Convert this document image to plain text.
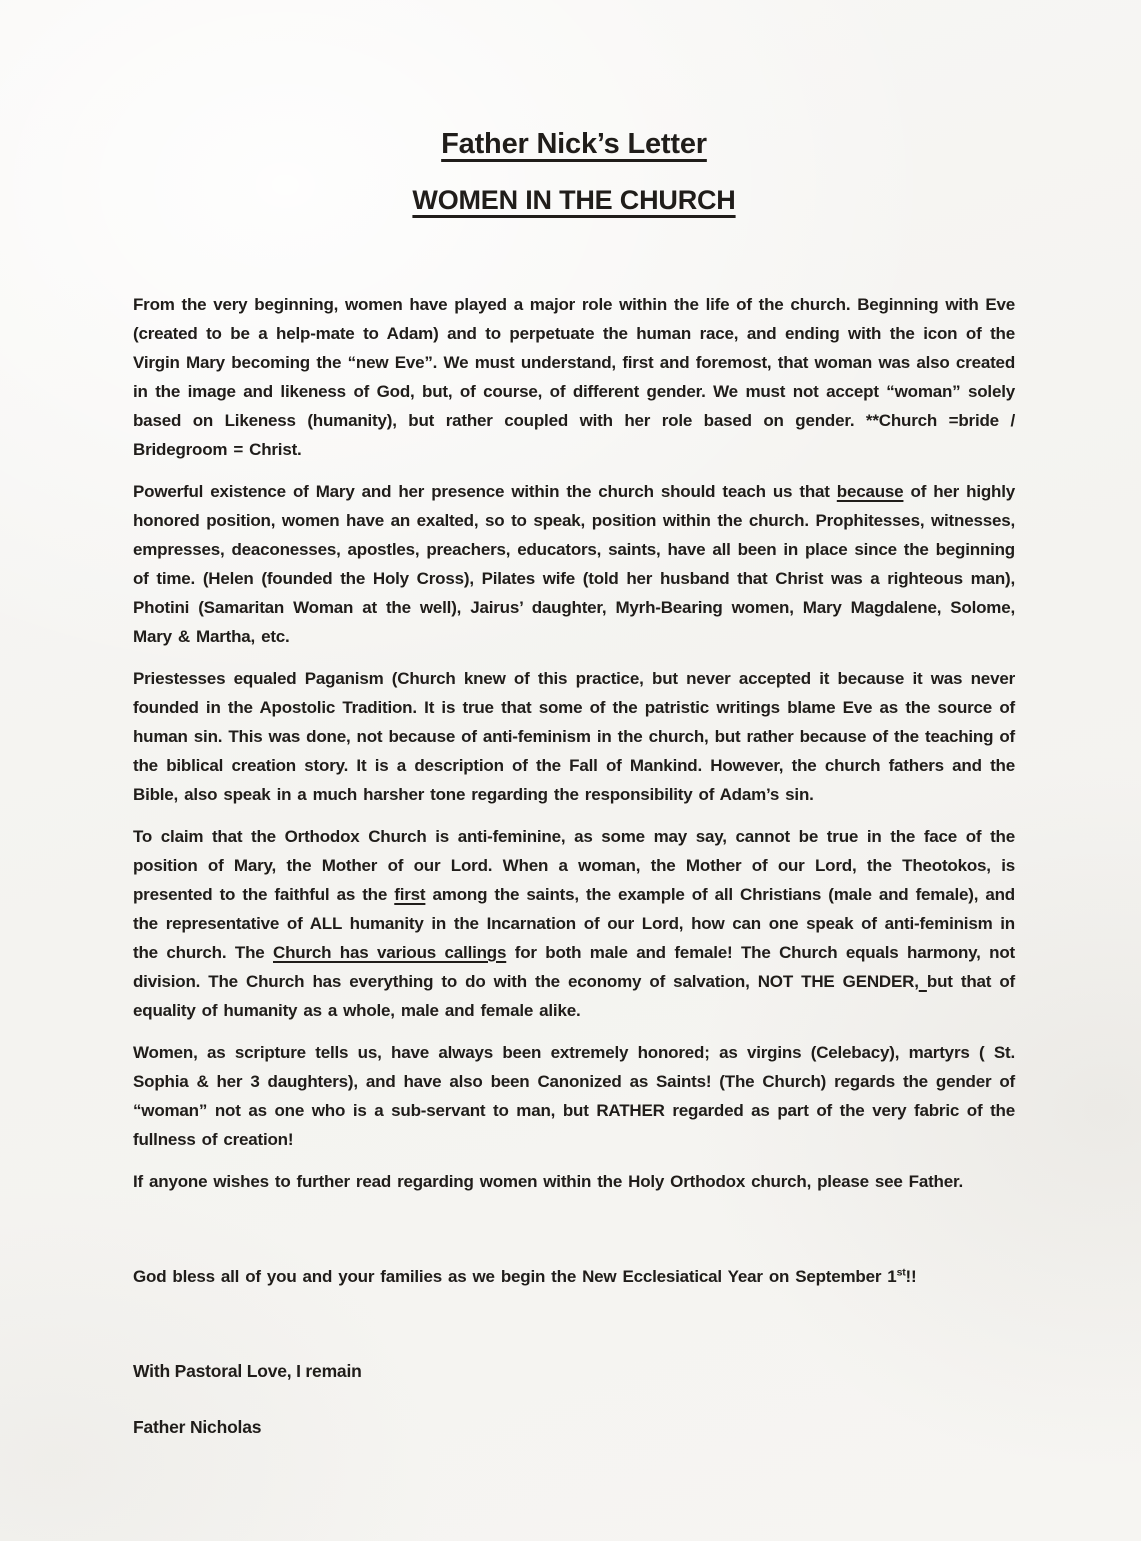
Father Nick’s Letter
WOMEN IN THE CHURCH

From the very beginning, women have played a major role within the life of the church. Beginning with Eve (created to be a help-mate to Adam) and to perpetuate the human race, and ending with the icon of the Virgin Mary becoming the “new Eve”. We must understand, first and foremost, that woman was also created in the image and likeness of God, but, of course, of different gender. We must not accept “woman” solely based on Likeness (humanity), but rather coupled with her role based on gender. **Church =bride / Bridegroom = Christ.

Powerful existence of Mary and her presence within the church should teach us that because of her highly honored position, women have an exalted, so to speak, position within the church. Prophitesses, witnesses, empresses, deaconesses, apostles, preachers, educators, saints, have all been in place since the beginning of time. (Helen (founded the Holy Cross), Pilates wife (told her husband that Christ was a righteous man), Photini (Samaritan Woman at the well), Jairus’ daughter, Myrh-Bearing women, Mary Magdalene, Solome, Mary & Martha, etc.

Priestesses equaled Paganism (Church knew of this practice, but never accepted it because it was never founded in the Apostolic Tradition. It is true that some of the patristic writings blame Eve as the source of human sin. This was done, not because of anti-feminism in the church, but rather because of the teaching of the biblical creation story. It is a description of the Fall of Mankind. However, the church fathers and the Bible, also speak in a much harsher tone regarding the responsibility of Adam’s sin.

To claim that the Orthodox Church is anti-feminine, as some may say, cannot be true in the face of the position of Mary, the Mother of our Lord. When a woman, the Mother of our Lord, the Theotokos, is presented to the faithful as the first among the saints, the example of all Christians (male and female), and the representative of ALL humanity in the Incarnation of our Lord, how can one speak of anti-feminism in the church. The Church has various callings for both male and female! The Church equals harmony, not division. The Church has everything to do with the economy of salvation, NOT THE GENDER, but that of equality of humanity as a whole, male and female alike.

Women, as scripture tells us, have always been extremely honored; as virgins (Celebacy), martyrs ( St. Sophia & her 3 daughters), and have also been Canonized as Saints! (The Church) regards the gender of “woman” not as one who is a sub-servant to man, but RATHER regarded as part of the very fabric of the fullness of creation!

If anyone wishes to further read regarding women within the Holy Orthodox church, please see Father.

God bless all of you and your families as we begin the New Ecclesiatical Year on September 1st!!

With Pastoral Love, I remain

Father Nicholas
